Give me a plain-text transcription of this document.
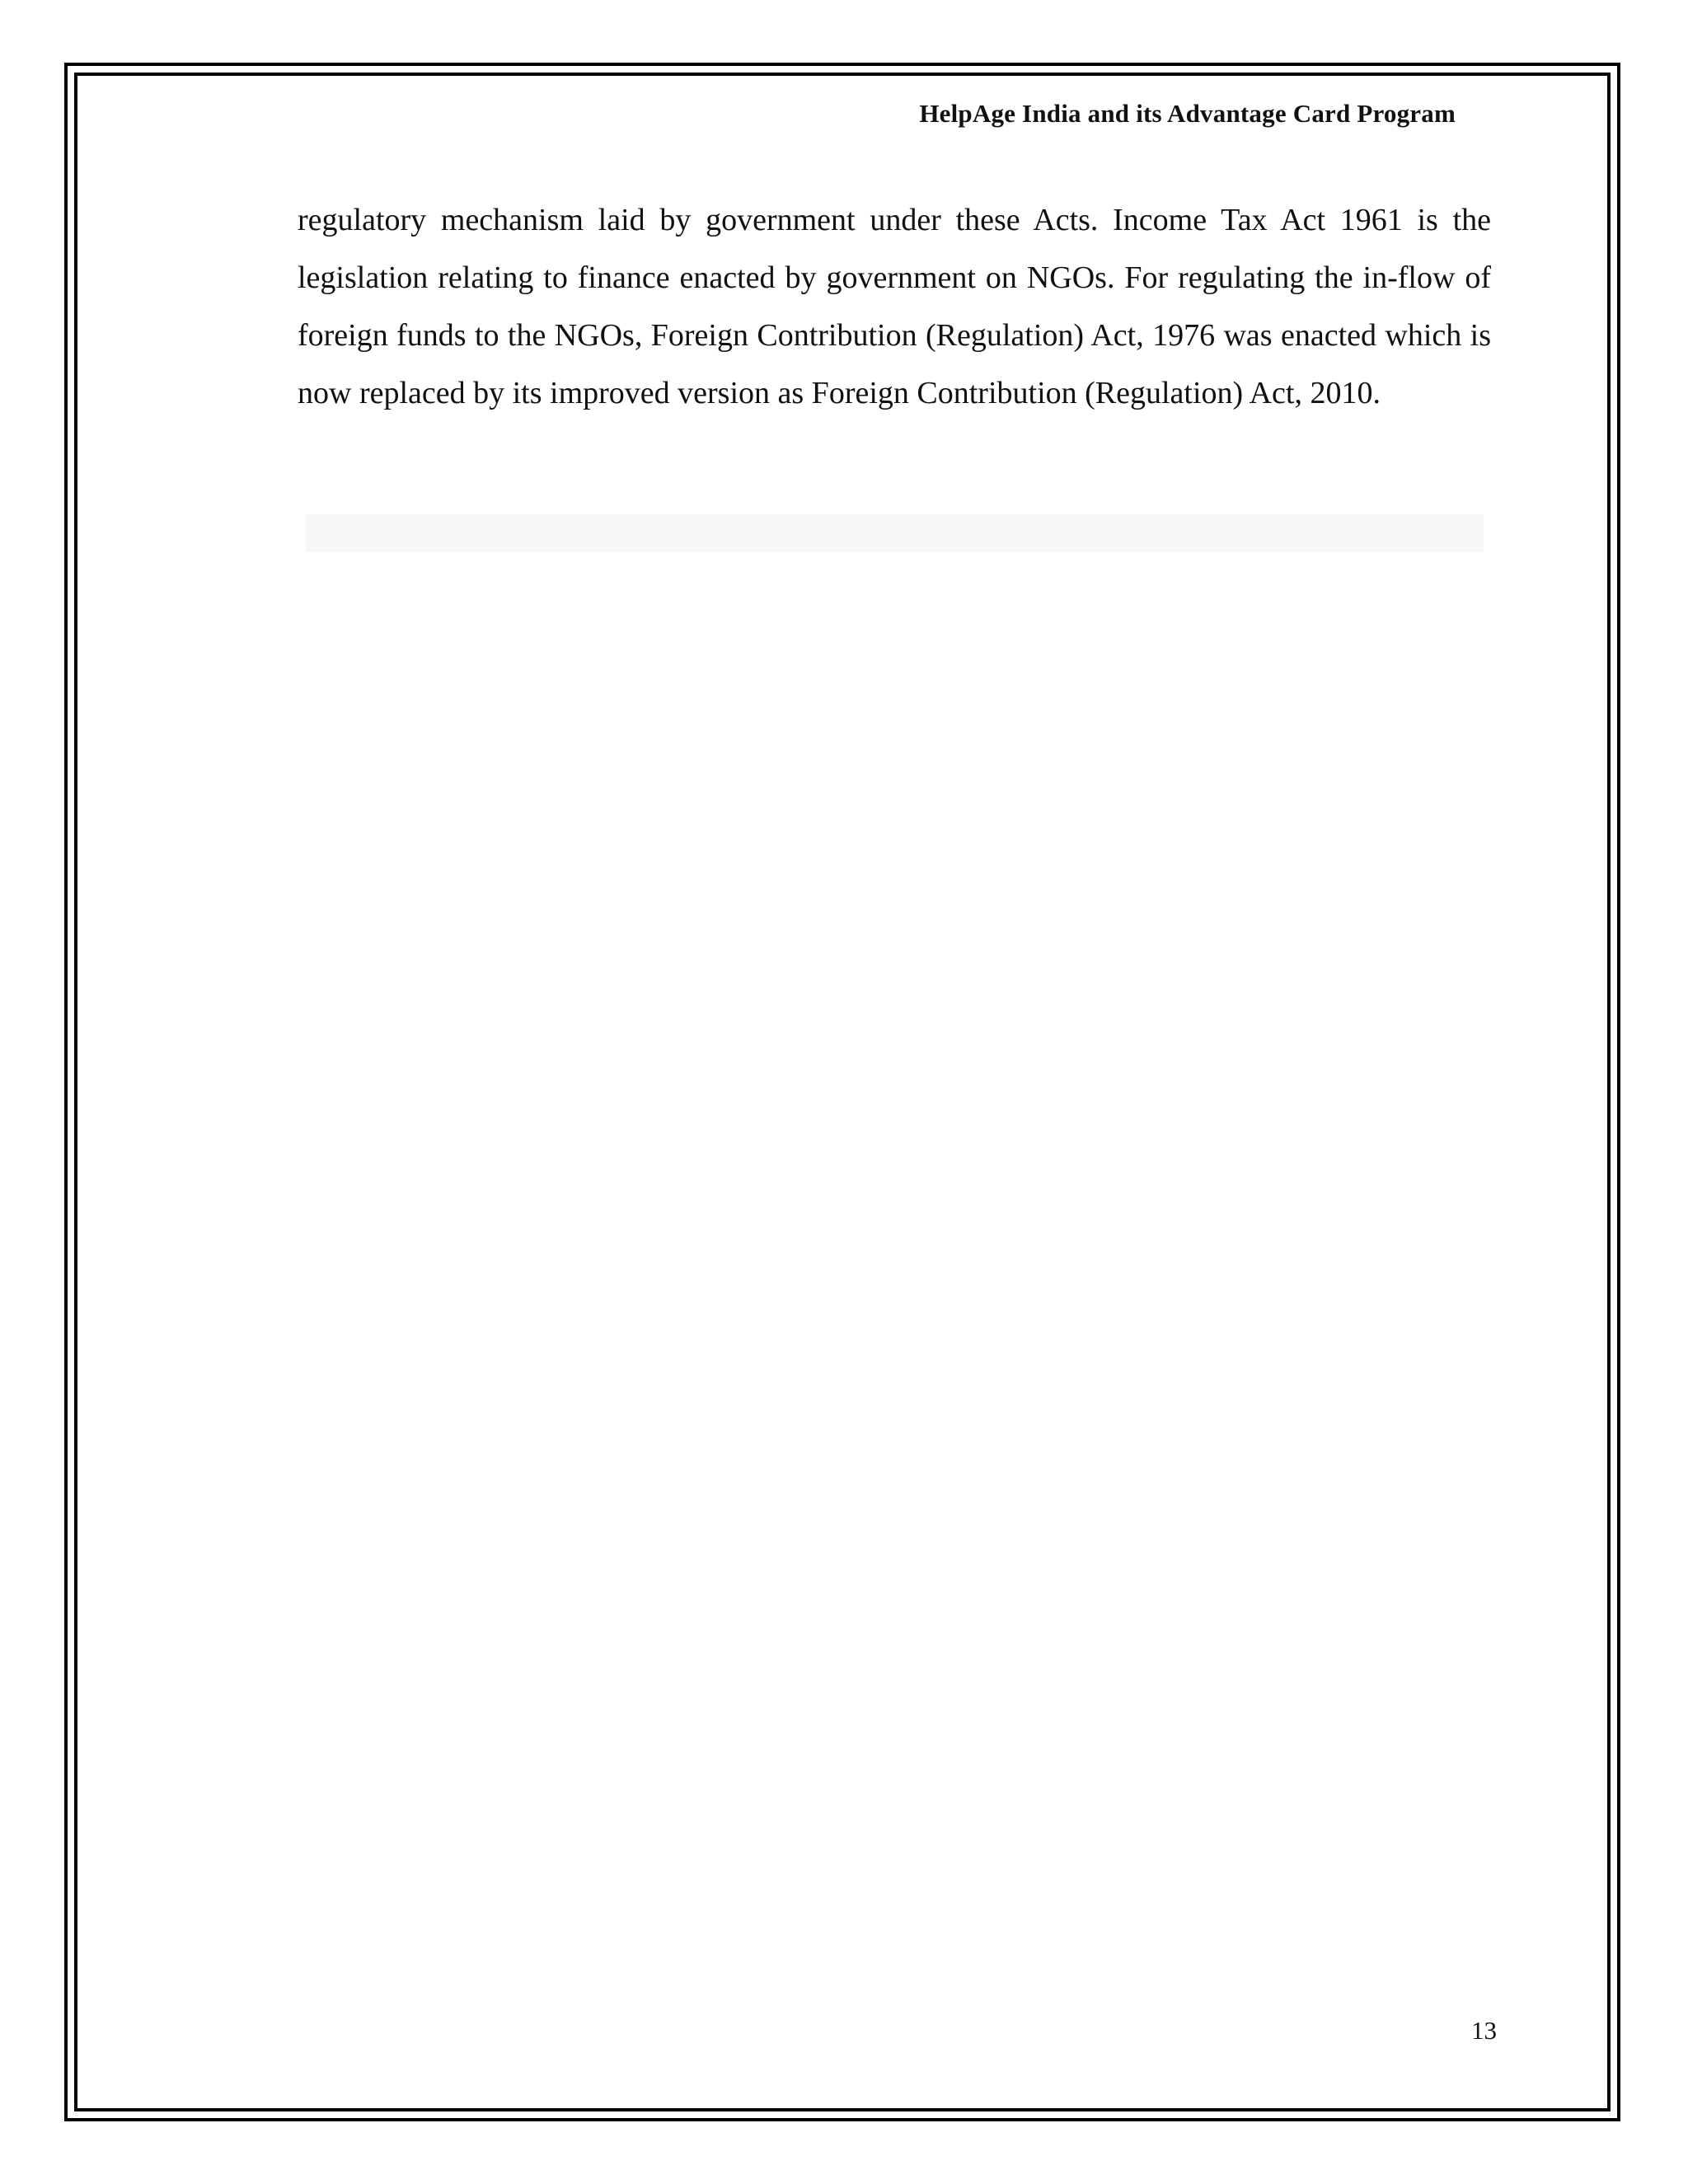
HelpAge India and its Advantage Card Program

regulatory mechanism laid by government under these Acts. Income Tax Act 1961 is the legislation relating to finance enacted by government on NGOs. For regulating the in-flow of foreign funds to the NGOs, Foreign Contribution (Regulation) Act, 1976 was enacted which is now replaced by its improved version as Foreign Contribution (Regulation) Act, 2010.

13
